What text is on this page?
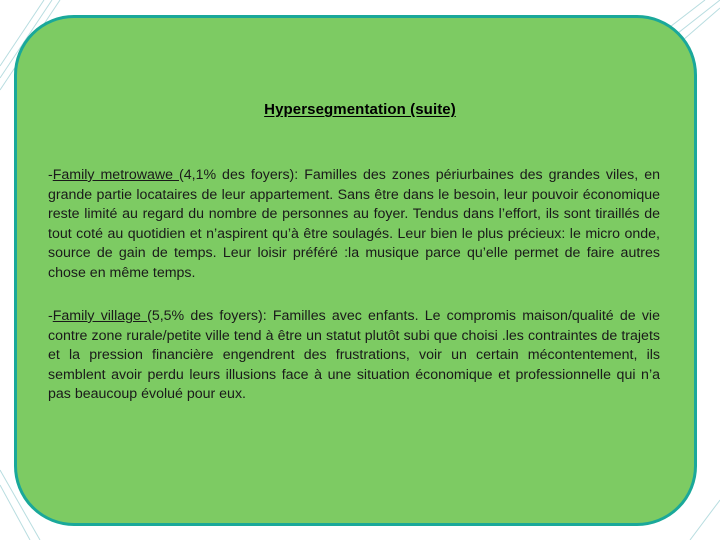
Hypersegmentation (suite)

-Family metrowawe (4,1% des foyers): Familles des zones périurbaines des grandes viles, en grande partie locataires de leur appartement. Sans être dans le besoin, leur pouvoir économique reste limité au regard du nombre de personnes au foyer. Tendus dans l’effort, ils sont tiraillés de tout coté au quotidien et n’aspirent qu’à être soulagés. Leur bien le plus précieux: le micro onde, source de gain de temps. Leur loisir préféré :la musique parce qu’elle permet de faire autres chose en même temps.

-Family village (5,5% des foyers): Familles avec enfants. Le compromis maison/qualité de vie contre zone rurale/petite ville tend à être un statut plutôt subi que choisi .les contraintes de trajets et la pression financière engendrent des frustrations, voir un certain mécontentement, ils semblent avoir perdu leurs illusions face à une situation économique et professionnelle qui n’a pas beaucoup évolué pour eux.
